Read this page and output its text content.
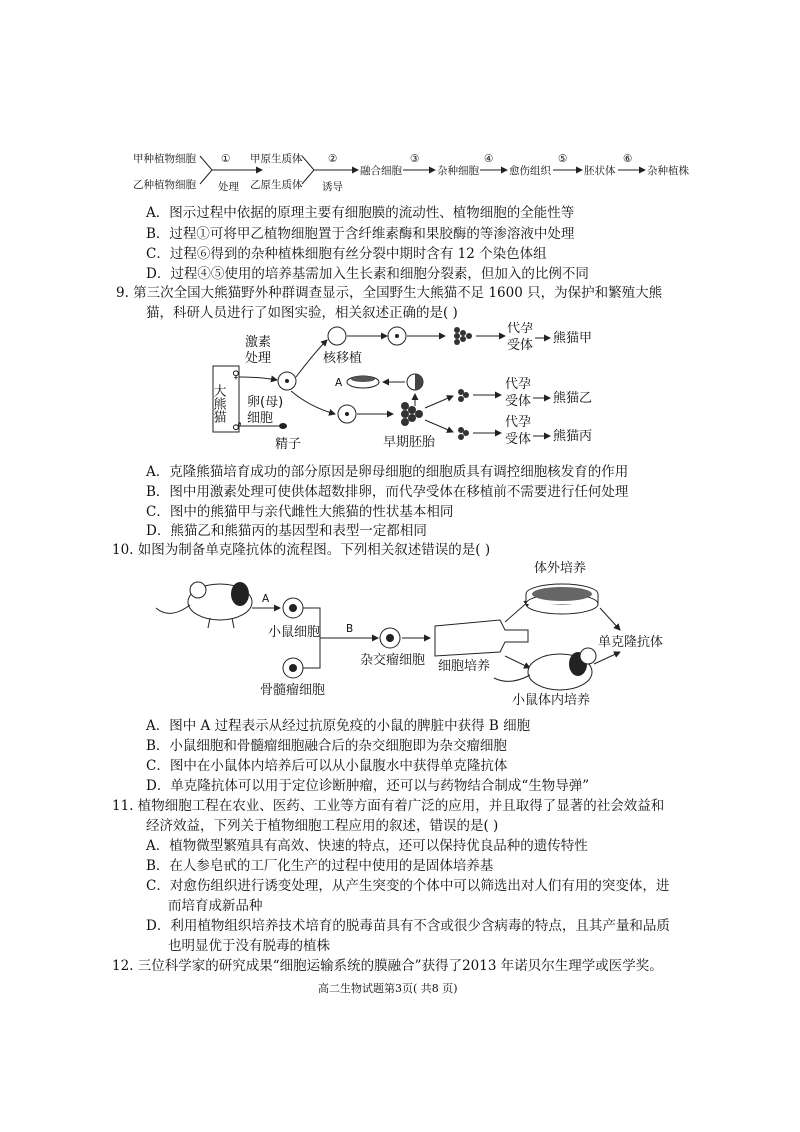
甲种植物细胞
乙种植物细胞
①
处理
甲原生质体
乙原生质体
②
诱导
融合细胞
③
杂种细胞
④
愈伤组织
⑤
胚状体
⑥
杂种植株
A．图示过程中依据的原理主要有细胞膜的流动性、植物细胞的全能性等
B．过程①可将甲乙植物细胞置于含纤维素酶和果胶酶的等渗溶液中处理
C．过程⑥得到的杂种植株细胞有丝分裂中期时含有 12 个染色体组
D．过程④⑤使用的培养基需加入生长素和细胞分裂素，但加入的比例不同
9. 第三次全国大熊猫野外种群调查显示，全国野生大熊猫不足 1600 只，为保护和繁殖大熊
猫，科研人员进行了如图实验，相关叙述正确的是( )
大熊猫
♀
♂
激素
处理
卵(母)
细胞
精子
核移植
代孕
受体 熊猫甲
A
早期胚胎
代孕
受体 熊猫乙
代孕
受体 熊猫丙
A．克隆熊猫培育成功的部分原因是卵母细胞的细胞质具有调控细胞核发育的作用
B．图中用激素处理可使供体超数排卵，而代孕受体在移植前不需要进行任何处理
C．图中的熊猫甲与亲代雌性大熊猫的性状基本相同
D．熊猫乙和熊猫丙的基因型和表型一定都相同
10. 如图为制备单克隆抗体的流程图。下列相关叙述错误的是( )
A
小鼠细胞
骨髓瘤细胞
B
杂交瘤细胞 细胞培养
体外培养
小鼠体内培养
单克隆抗体
A．图中 A 过程表示从经过抗原免疫的小鼠的脾脏中获得 B 细胞
B．小鼠细胞和骨髓瘤细胞融合后的杂交细胞即为杂交瘤细胞
C．图中在小鼠体内培养后可以从小鼠腹水中获得单克隆抗体
D．单克隆抗体可以用于定位诊断肿瘤，还可以与药物结合制成“生物导弹”
11. 植物细胞工程在农业、医药、工业等方面有着广泛的应用，并且取得了显著的社会效益和
经济效益，下列关于植物细胞工程应用的叙述，错误的是( )
A．植物微型繁殖具有高效、快速的特点，还可以保持优良品种的遗传特性
B．在人参皂甙的工厂化生产的过程中使用的是固体培养基
C．对愈伤组织进行诱变处理，从产生突变的个体中可以筛选出对人们有用的突变体，进
而培育成新品种
D．利用植物组织培养技术培育的脱毒苗具有不含或很少含病毒的特点，且其产量和品质
也明显优于没有脱毒的植株
12. 三位科学家的研究成果“细胞运输系统的膜融合”获得了2013 年诺贝尔生理学或医学奖。
高二生物试题第3页( 共8 页)
